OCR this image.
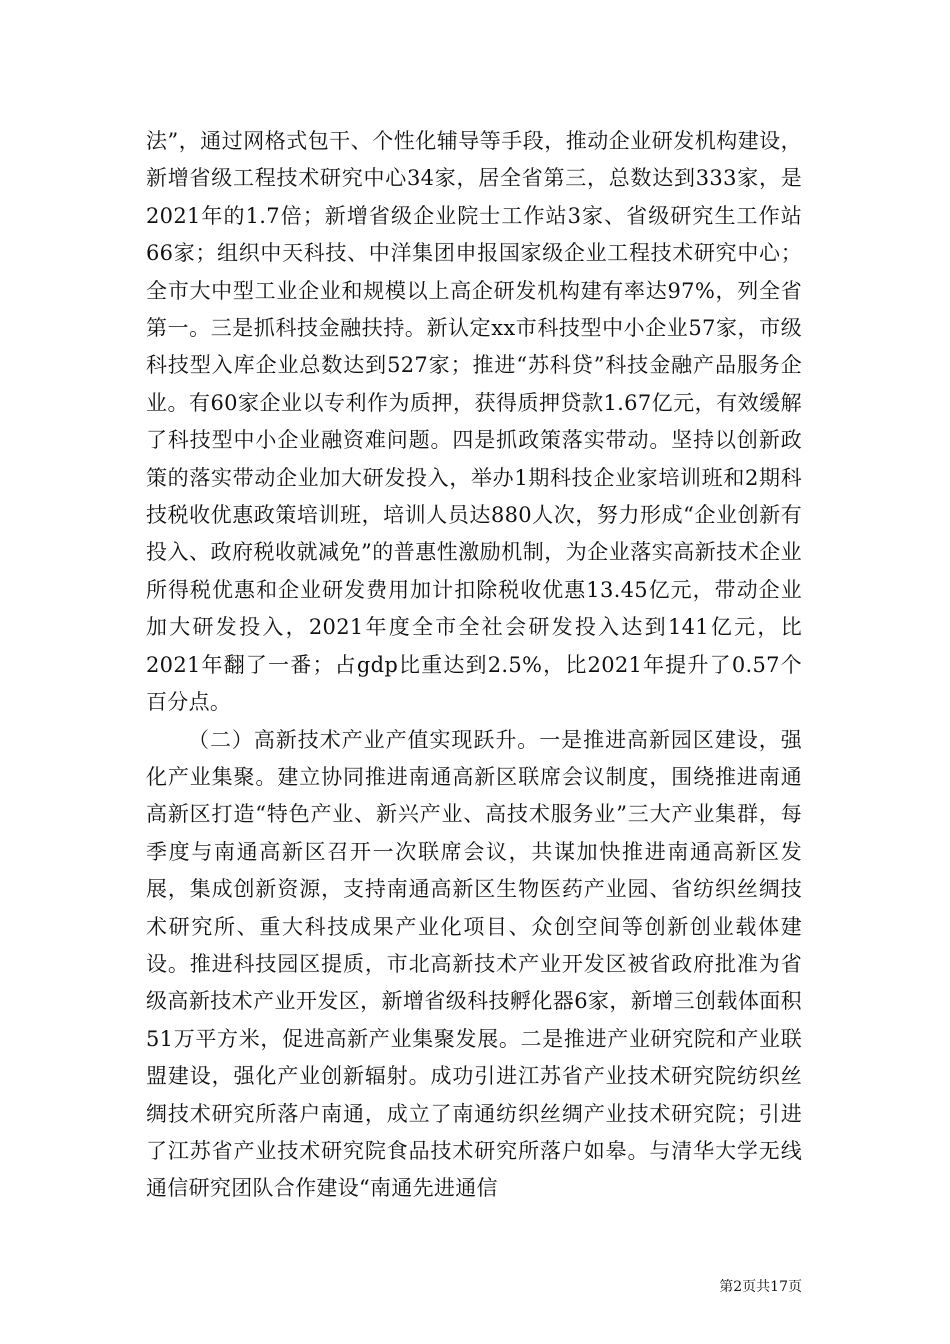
法”，通过网格式包干、个性化辅导等手段，推动企业研发机构建设，新增省级工程技术研究中心34家，居全省第三，总数达到333家，是2021年的1.7倍；新增省级企业院士工作站3家、省级研究生工作站66家；组织中天科技、中洋集团申报国家级企业工程技术研究中心；全市大中型工业企业和规模以上高企研发机构建有率达97%，列全省第一。三是抓科技金融扶持。新认定xx市科技型中小企业57家，市级科技型入库企业总数达到527家；推进“苏科贷”科技金融产品服务企业。有60家企业以专利作为质押，获得质押贷款1.67亿元，有效缓解了科技型中小企业融资难问题。四是抓政策落实带动。坚持以创新政策的落实带动企业加大研发投入，举办1期科技企业家培训班和2期科技税收优惠政策培训班，培训人员达880人次，努力形成“企业创新有投入、政府税收就减免”的普惠性激励机制，为企业落实高新技术企业所得税优惠和企业研发费用加计扣除税收优惠13.45亿元，带动企业加大研发投入，2021年度全市全社会研发投入达到141亿元，比2021年翻了一番；占gdp比重达到2.5%，比2021年提升了0.57个百分点。

（二）高新技术产业产值实现跃升。一是推进高新园区建设，强化产业集聚。建立协同推进南通高新区联席会议制度，围绕推进南通高新区打造“特色产业、新兴产业、高技术服务业”三大产业集群，每季度与南通高新区召开一次联席会议，共谋加快推进南通高新区发展，集成创新资源，支持南通高新区生物医药产业园、省纺织丝绸技术研究所、重大科技成果产业化项目、众创空间等创新创业载体建设。推进科技园区提质，市北高新技术产业开发区被省政府批准为省级高新技术产业开发区，新增省级科技孵化器6家，新增三创载体面积51万平方米，促进高新产业集聚发展。二是推进产业研究院和产业联盟建设，强化产业创新辐射。成功引进江苏省产业技术研究院纺织丝绸技术研究所落户南通，成立了南通纺织丝绸产业技术研究院；引进了江苏省产业技术研究院食品技术研究所落户如皋。与清华大学无线通信研究团队合作建设“南通先进通信

第2页共17页
